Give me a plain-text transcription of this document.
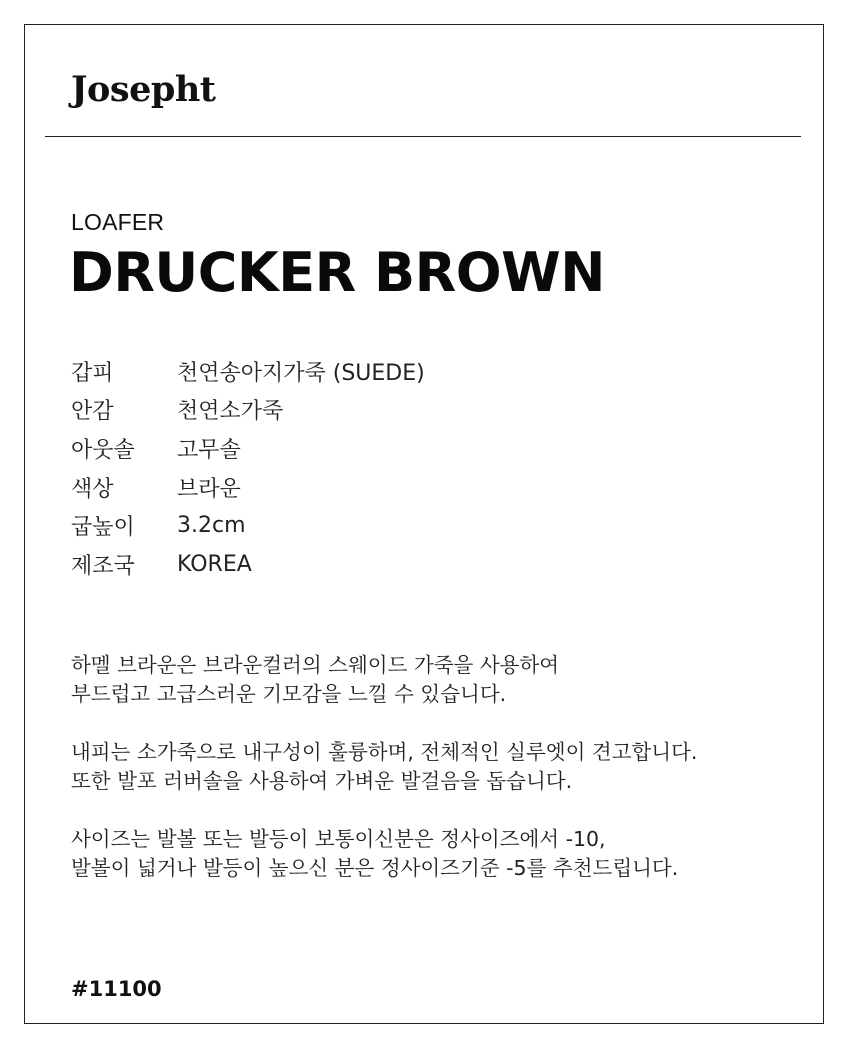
Josepht
LOAFER
DRUCKER BROWN
갑피	천연송아지가죽 (SUEDE)
안감	천연소가죽
아웃솔	고무솔
색상	브라운
굽높이	3.2cm
제조국	KOREA

하멜 브라운은 브라운컬러의 스웨이드 가죽을 사용하여
부드럽고 고급스러운 기모감을 느낄 수 있습니다.

내피는 소가죽으로 내구성이 훌륭하며, 전체적인 실루엣이 견고합니다.
또한 발포 러버솔을 사용하여 가벼운 발걸음을 돕습니다.

사이즈는 발볼 또는 발등이 보통이신분은 정사이즈에서 -10,
발볼이 넓거나 발등이 높으신 분은 정사이즈기준 -5를 추천드립니다.

#11100
